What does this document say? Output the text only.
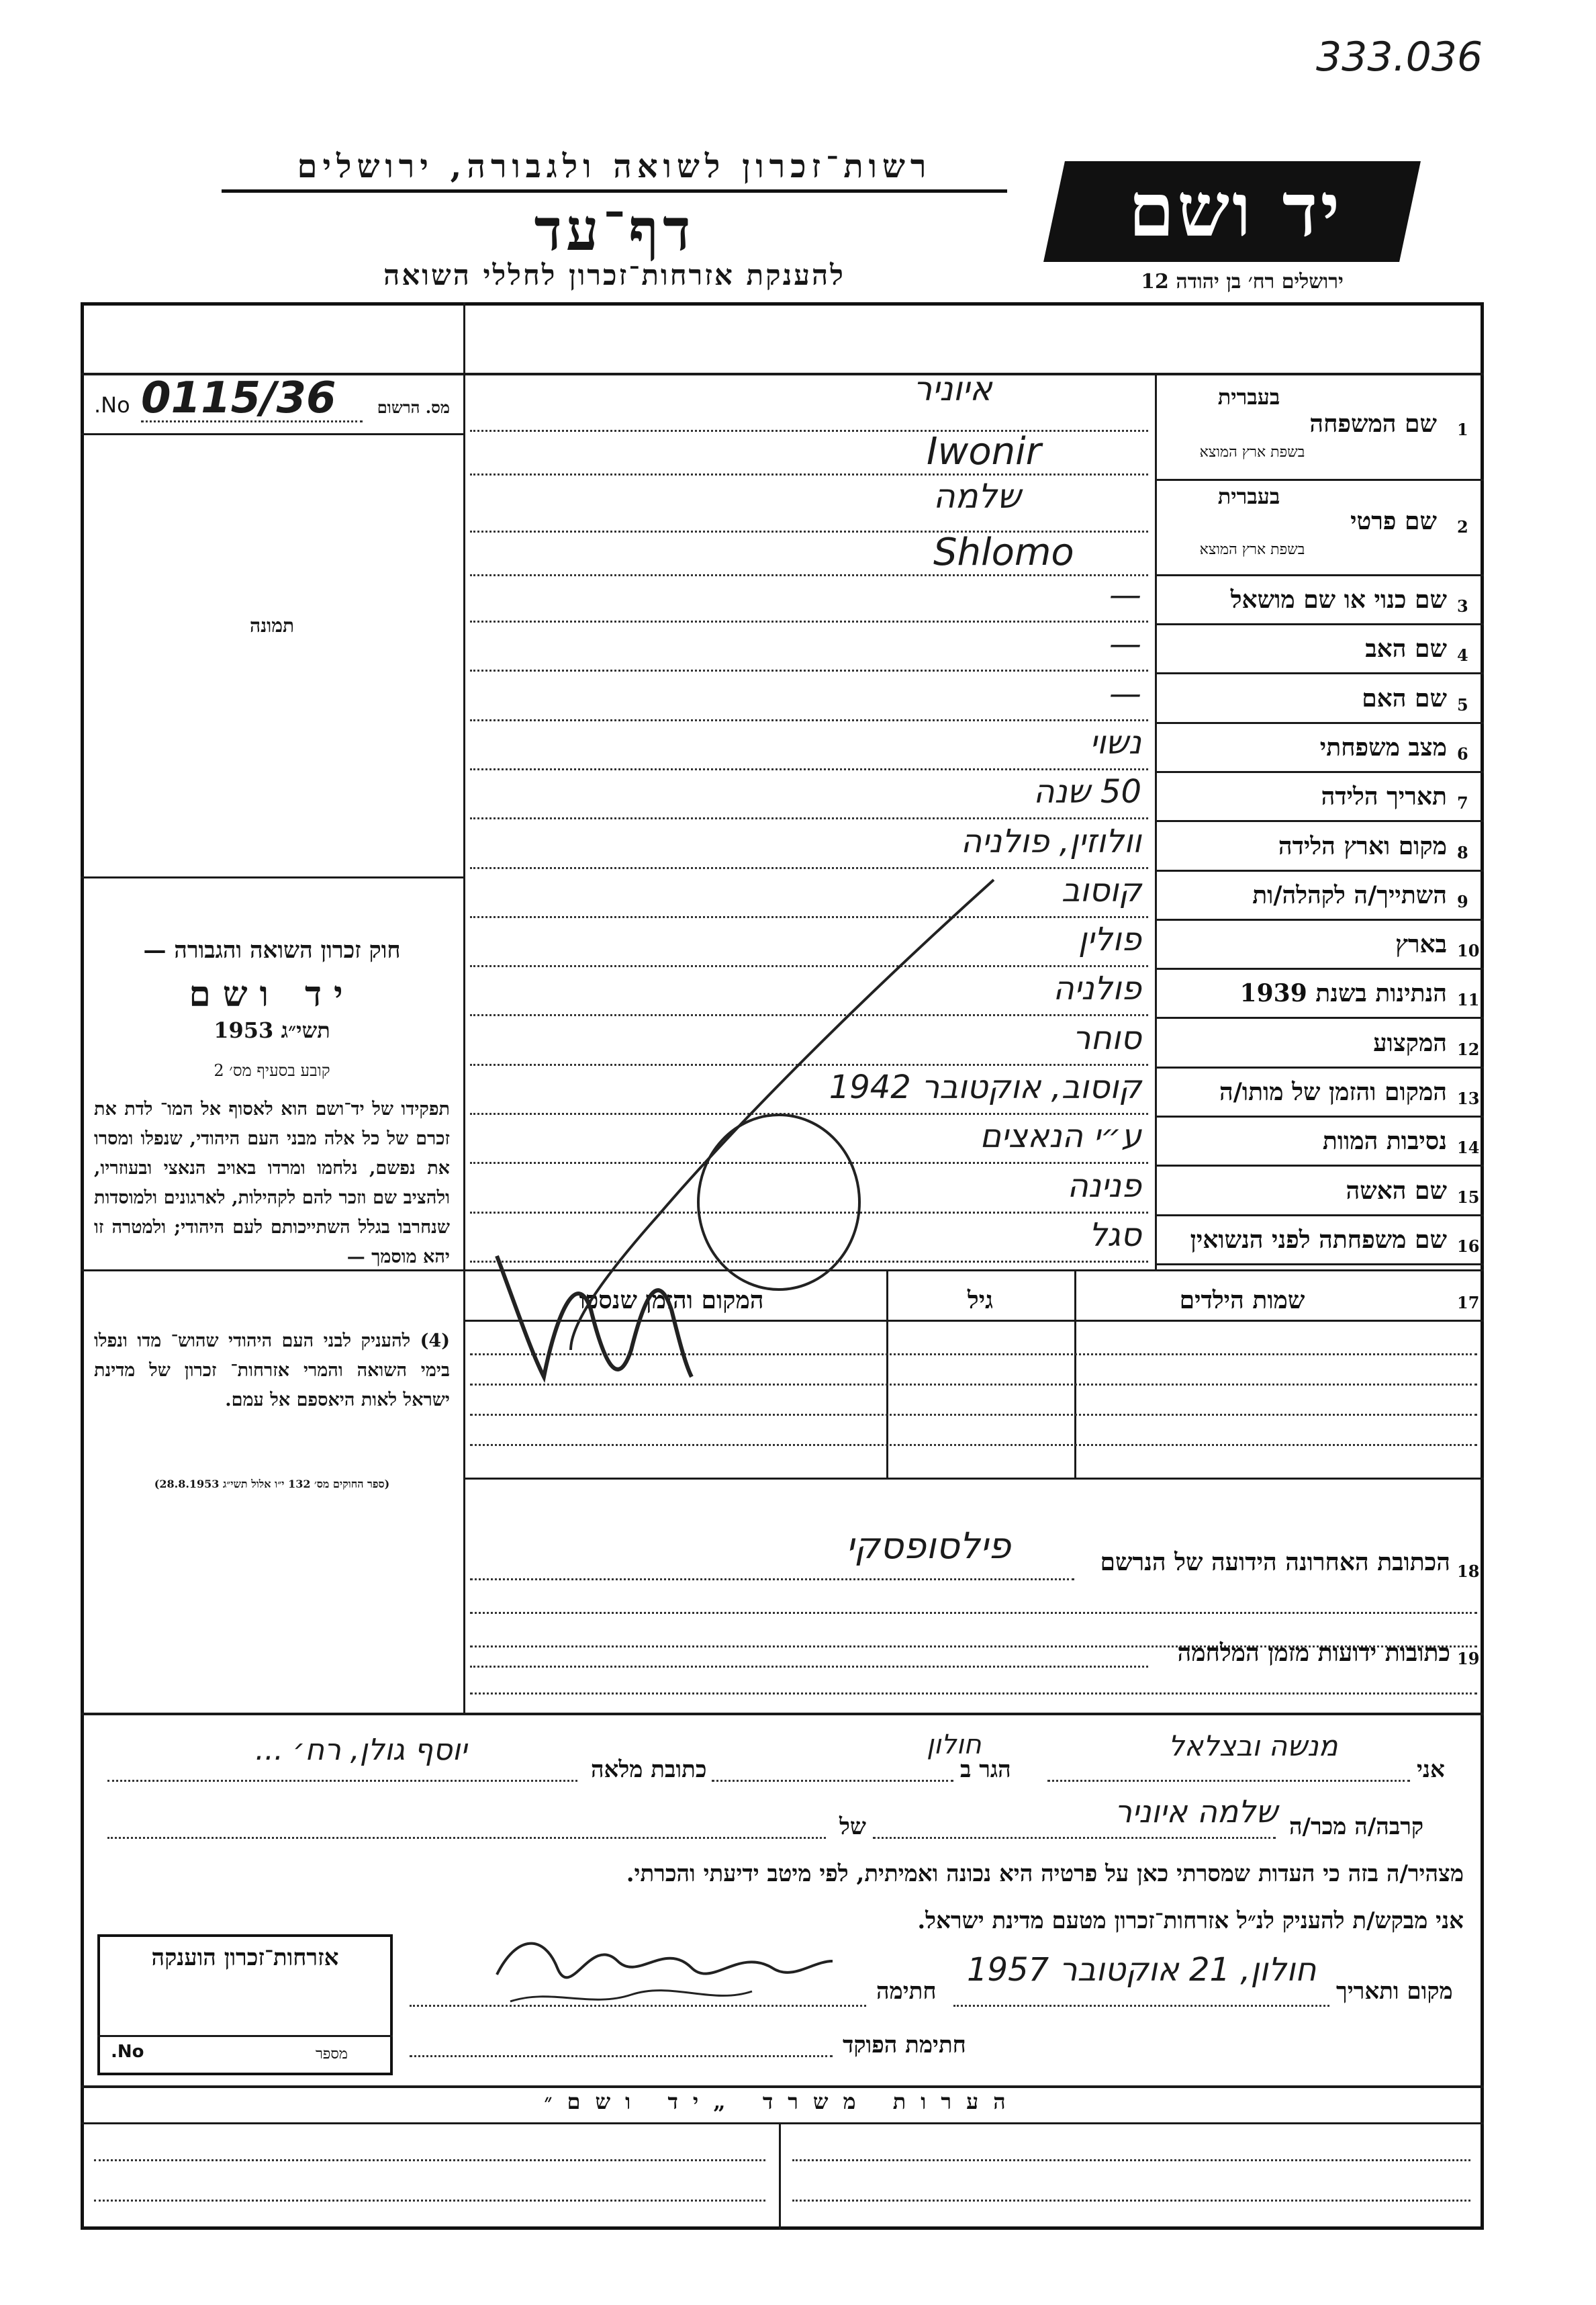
333.036
יד ושם
ירושלים רח׳ בן יהודה 12
רשות־זכרון לשואה ולגבורה, ירושלים
דף־עד
להענקת אזרחות־זכרון לחללי השואה
מס. הרשום
No. 0115/36
תמונה
חוק זכרון השואה והגבורה —
יד ושם
תשי״ג 1953
קובע בסעיף מס׳ 2
תפקידו של יד־ושם הוא לאסוף אל המו־ לדת את זכרם של כל אלה מבני העם היהודי, שנפלו ומסרו את נפשם, נלחמו ומרדו באויב הנאצי ובעוזריו, ולהציב שם וזכר להם לקהילות, לארגונים ולמוסדות שנחרבו בגלל השתייכותם לעם היהודי; ולמטרה זו יהא מוסמך —
(4) להעניק לבני העם היהודי שהוש־ מדו ונפלו בימי השואה והמרי אזרחות־ זכרון של מדינת ישראל לאות היאספם אל עמם.
(ספר החוקים מס׳ 132 י״ו אלול תשי״ג 28.8.1953)
1
שם המשפחה
בעברית
בשפת ארץ המוצא
איוניר
Iwonir
2
שם פרטי
בעברית
בשפת ארץ המוצא
שלמה
Shlomo
3
שם כנוי או שם מושאל
—
4
שם האב
—
5
שם האם
—
6
מצב משפחתי
נשוי
7
תאריך הלידה
50 שנה
8
מקום וארץ הלידה
וולוזין, פולניה
9
השתייך/ה לקהלה/ות
קוסוב
10
בארץ
פולין
11
הנתינות בשנת 1939
פולניה
12
המקצוע
סוחר
13
המקום והזמן של מותו/ה
קוסוב, אוקטובר 1942
14
נסיבות המוות
ע״י הנאצים
15
שם האשה
פנינה
16
שם משפחתה לפני הנשואין
סגל
17
שמות הילדים
גיל
המקום והזמן שנספו
18
הכתובת האחרונה הידועה של הנרשם
פילסופסקי
19
כתובות ידועות מזמן המלחמה
אני
מנשה ובצלאל
הגר ב
חולון
כתובת מלאה
יוסף גולן, רח׳ ...
קרבה/ה מכר/ה
שלמה איוניר
של
מצהיר/ה בזה כי העדות שמסרתי כאן על פרטיה היא נכונה ואמיתית, לפי מיטב ידיעתי והכרתי.
אני מבקש/ת להעניק לנ״ל אזרחות־זכרון מטעם מדינת ישראל.
מקום ותאריך
חולון, 21 אוקטובר 1957
חתימה
חתימת הפוקד
אזרחות־זכרון הוענקה
No.	מספר
הערות משרד „יד ושם״
